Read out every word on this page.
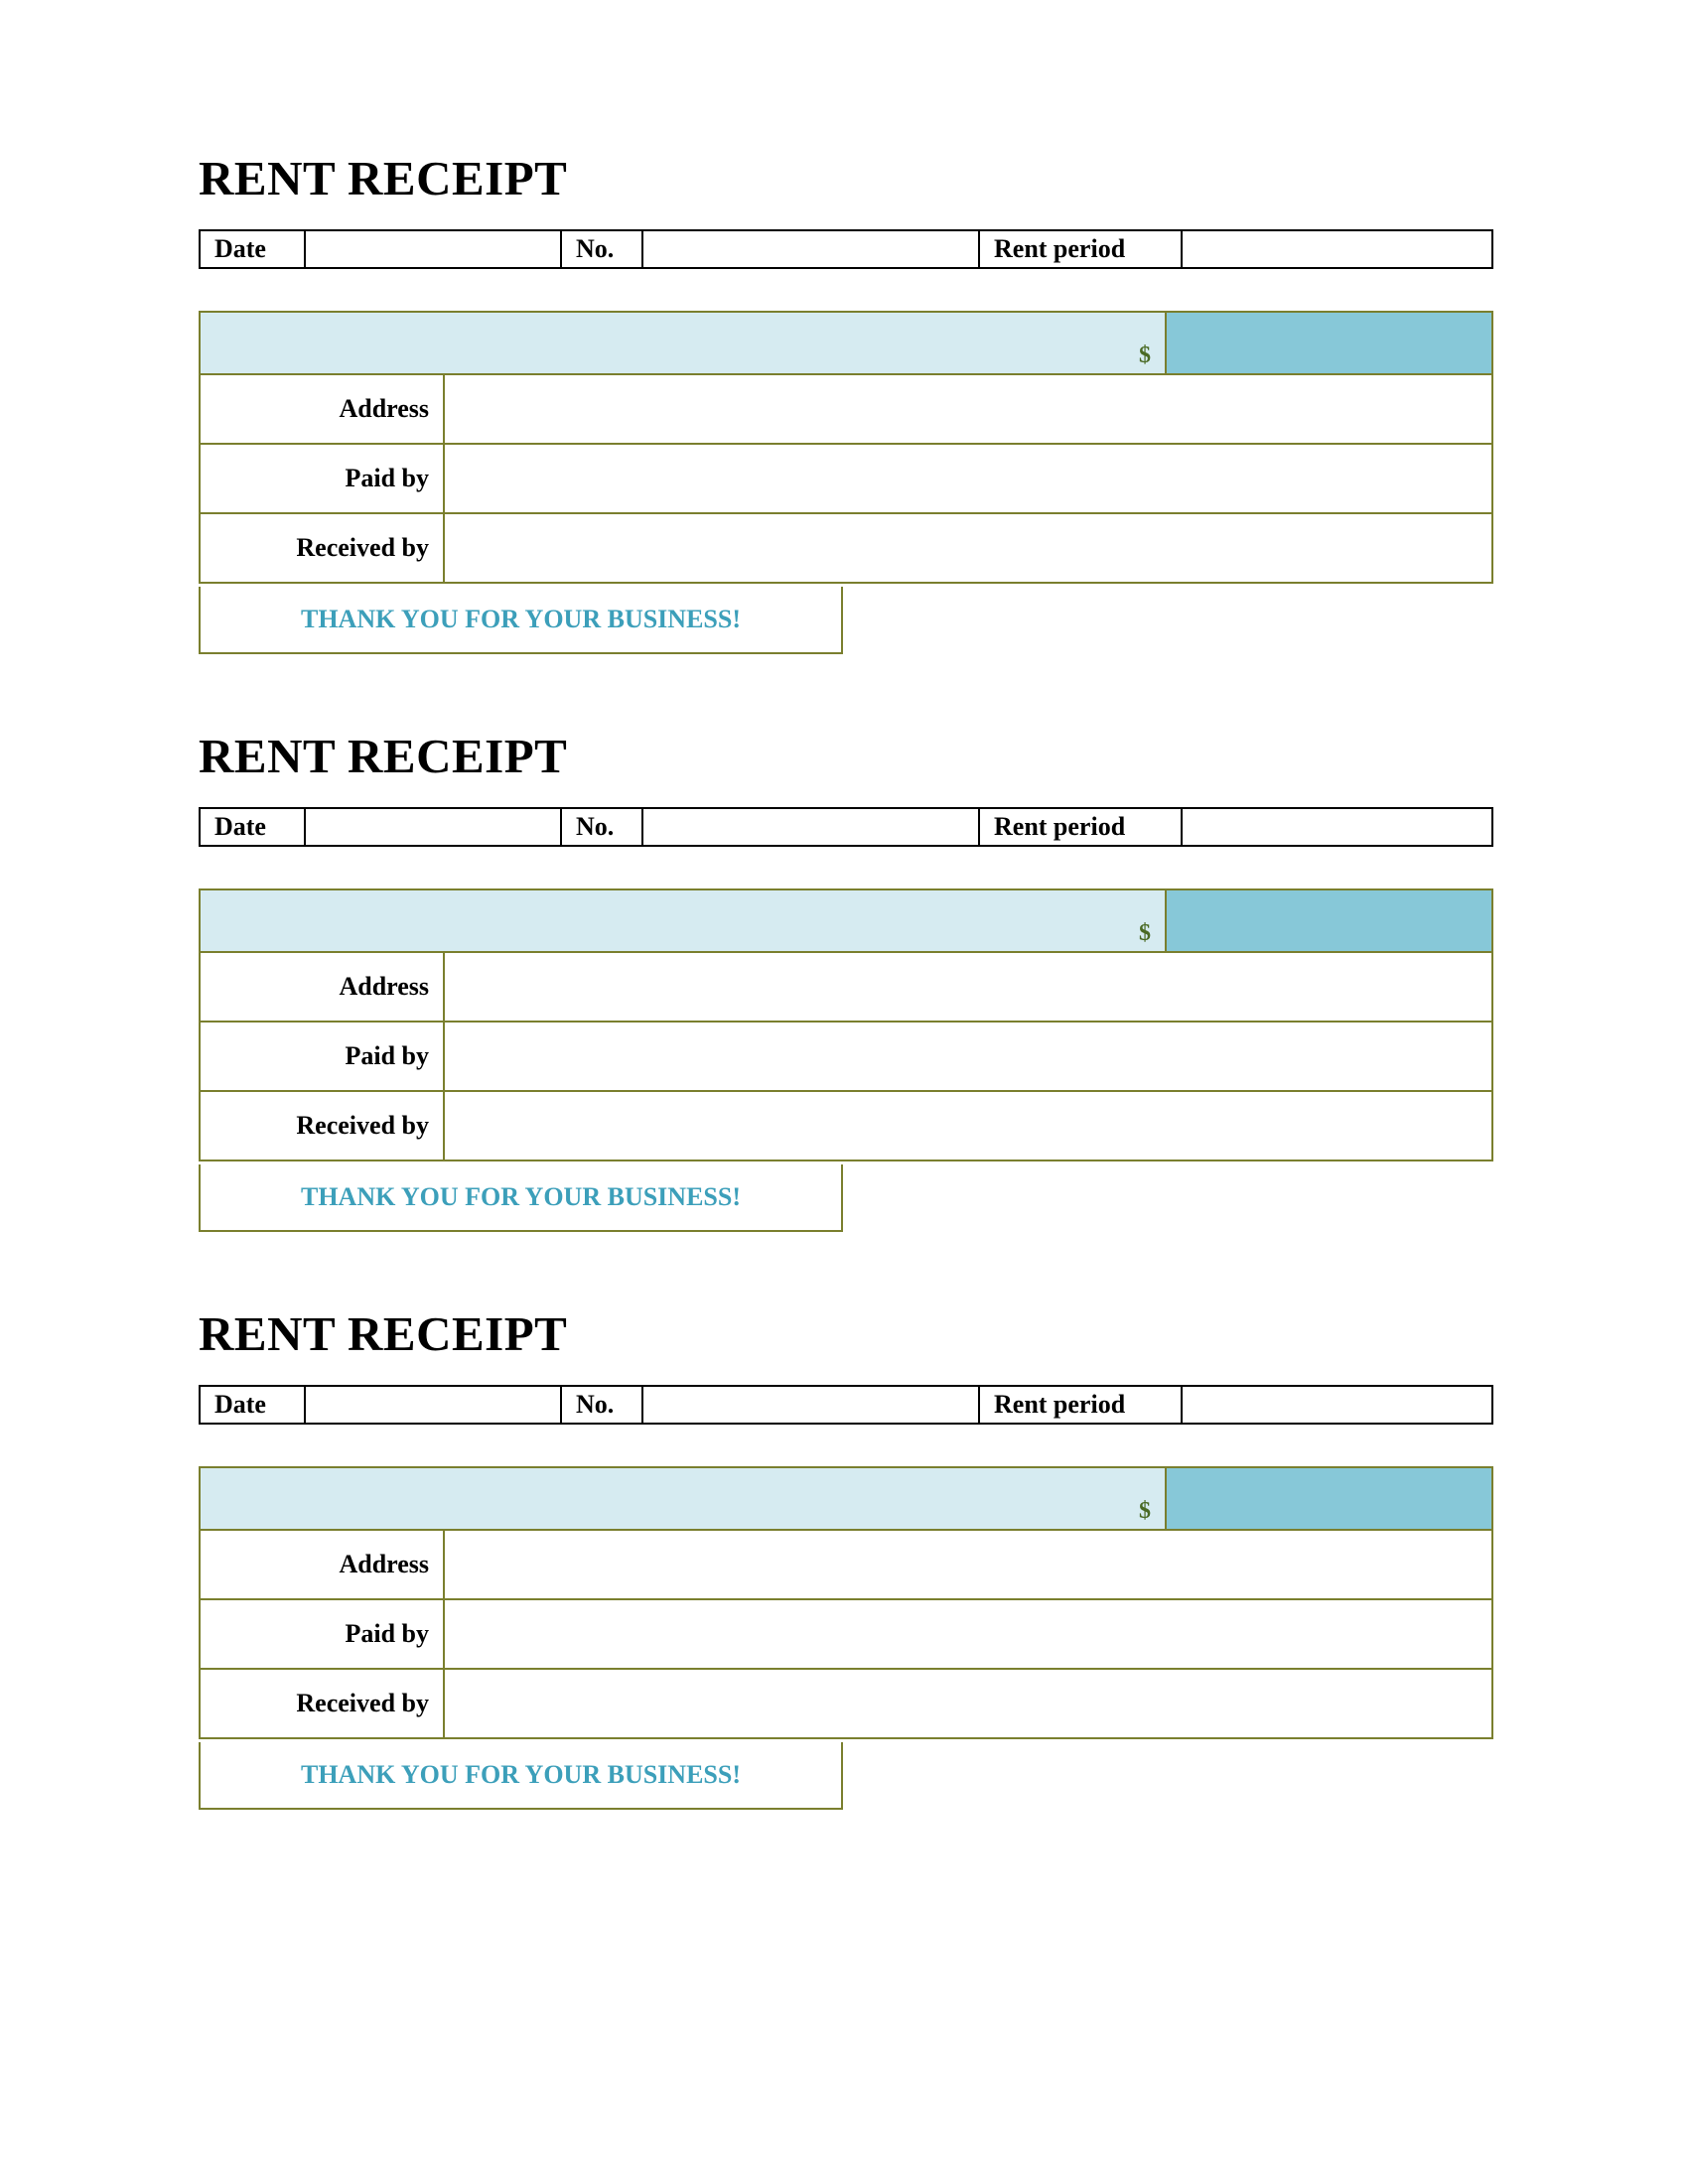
RENT RECEIPT
Date		No.		Rent period	
$		
Address		
Paid by		
Received by		
THANK YOU FOR YOUR BUSINESS!
RENT RECEIPT
Date		No.		Rent period	
$		
Address		
Paid by		
Received by		
THANK YOU FOR YOUR BUSINESS!
RENT RECEIPT
Date		No.		Rent period	
$		
Address		
Paid by		
Received by		
THANK YOU FOR YOUR BUSINESS!
